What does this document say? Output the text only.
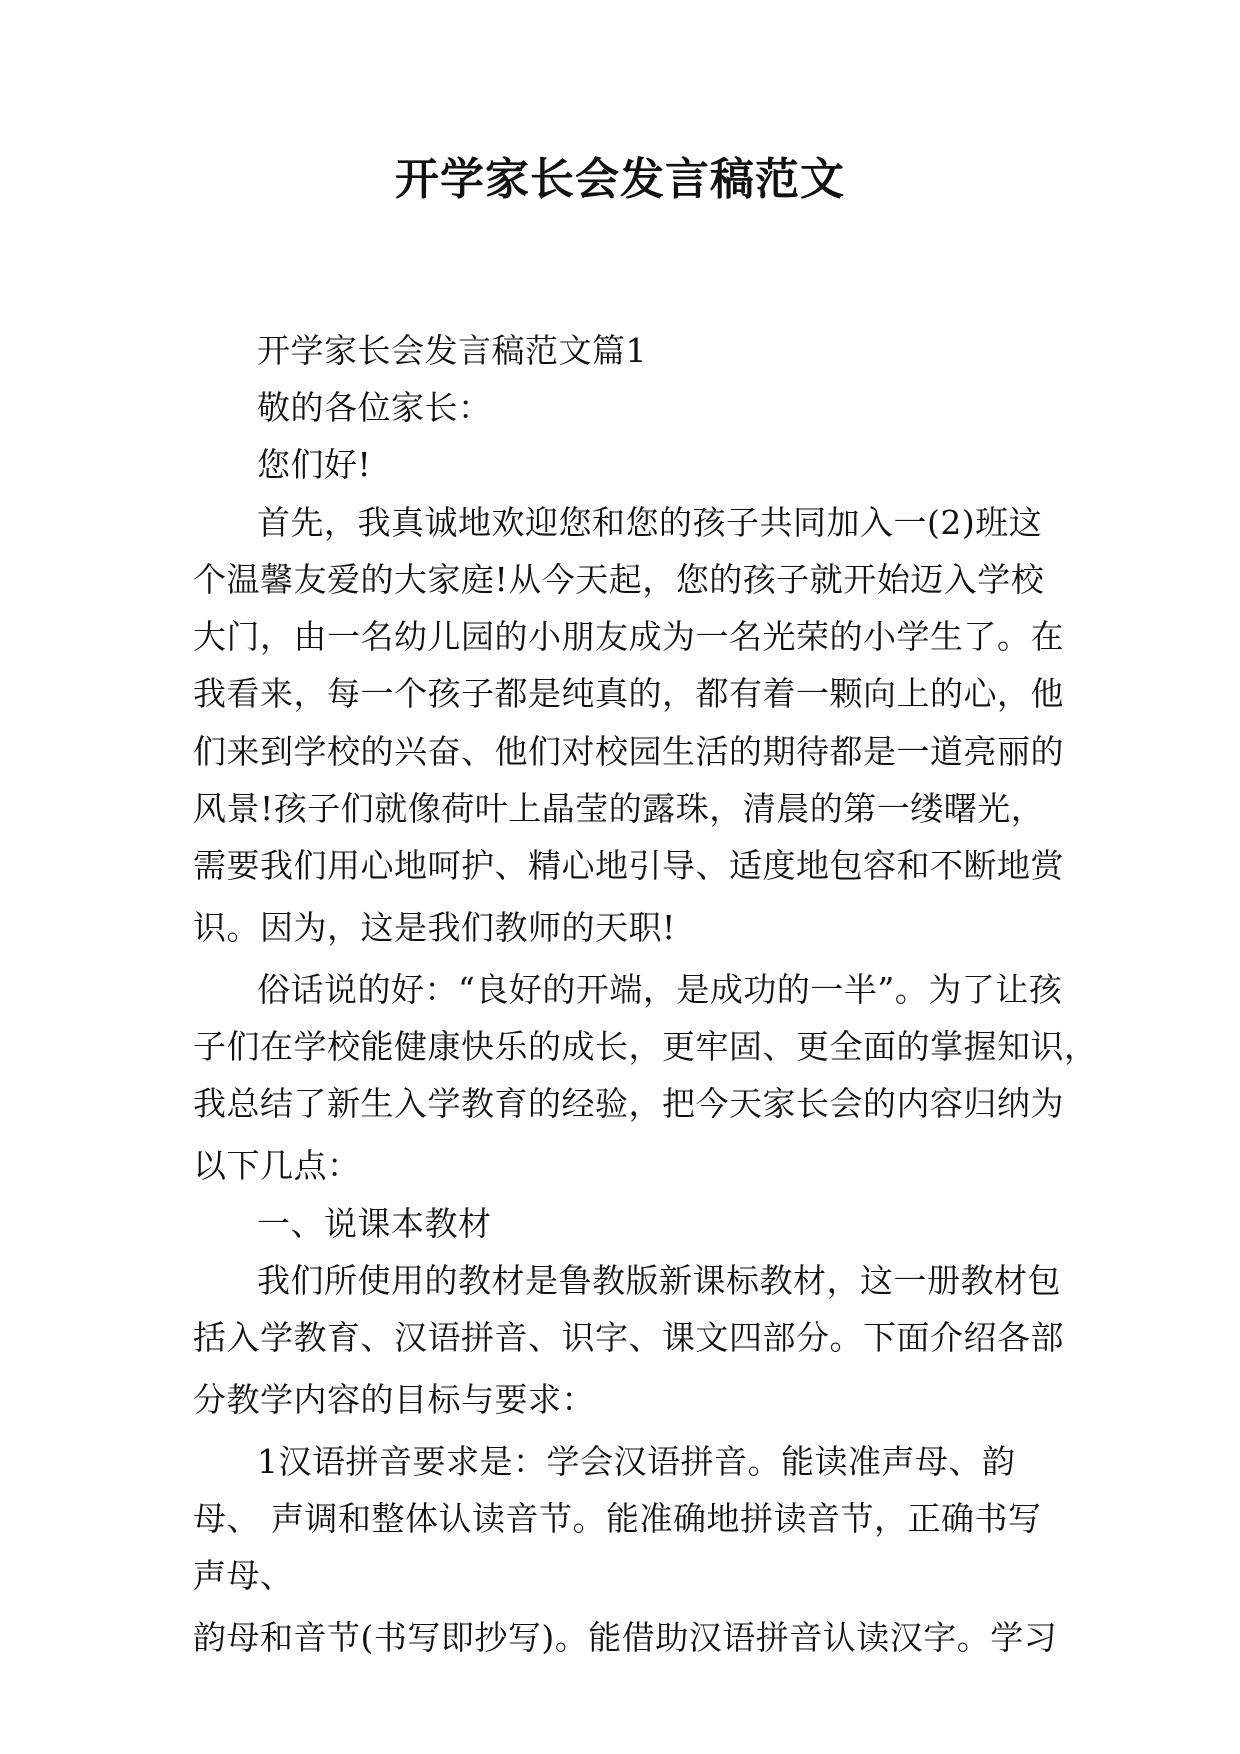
开学家长会发言稿范文
开学家长会发言稿范文篇1
敬的各位家长：
您们好!
首先，我真诚地欢迎您和您的孩子共同加入一(2)班这
个温馨友爱的大家庭!从今天起，您的孩子就开始迈入学校
大门，由一名幼儿园的小朋友成为一名光荣的小学生了。在
我看来，每一个孩子都是纯真的，都有着一颗向上的心，他
们来到学校的兴奋、他们对校园生活的期待都是一道亮丽的
风景!孩子们就像荷叶上晶莹的露珠，清晨的第一缕曙光，
需要我们用心地呵护、精心地引导、适度地包容和不断地赏
识。因为，这是我们教师的天职!
俗话说的好：“良好的开端，是成功的一半”。为了让孩
子们在学校能健康快乐的成长，更牢固、更全面的掌握知识，
我总结了新生入学教育的经验，把今天家长会的内容归纳为
以下几点：
一、说课本教材
我们所使用的教材是鲁教版新课标教材，这一册教材包
括入学教育、汉语拼音、识字、课文四部分。下面介绍各部
分教学内容的目标与要求：
1汉语拼音要求是：学会汉语拼音。能读准声母、韵
母、 声调和整体认读音节。能准确地拼读音节，正确书写
声母、
韵母和音节(书写即抄写)。能借助汉语拼音认读汉字。学习
